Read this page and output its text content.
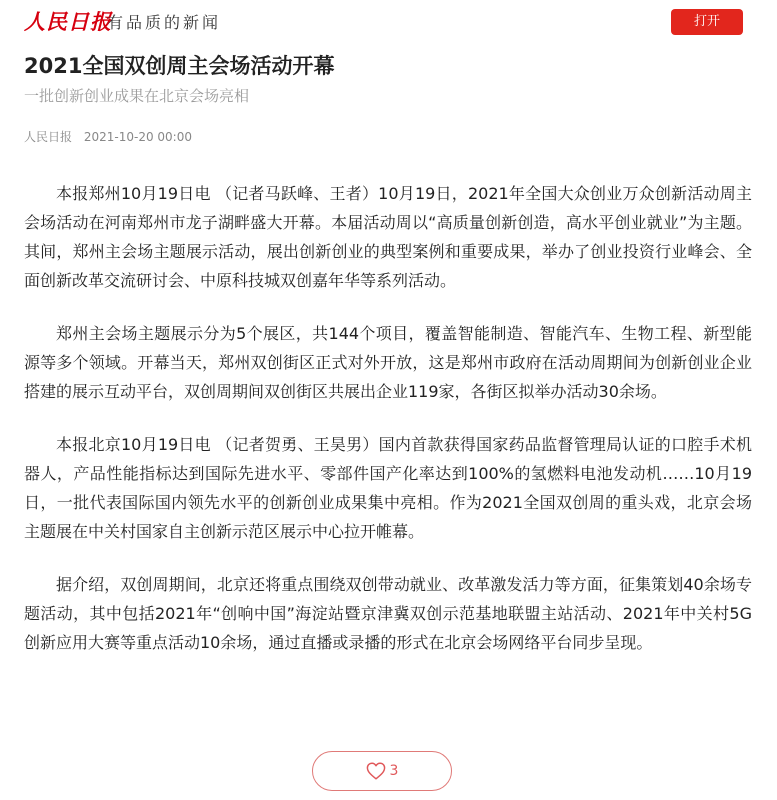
人民日报
有品质的新闻	打开
2021全国双创周主会场活动开幕
一批创新创业成果在北京会场亮相
人民日报 2021-10-20 00:00

本报郑州10月19日电 （记者马跃峰、王者）10月19日，2021年全国大众创业万众创新活动周主会场活动在河南郑州市龙子湖畔盛大开幕。本届活动周以“高质量创新创造，高水平创业就业”为主题。其间，郑州主会场主题展示活动，展出创新创业的典型案例和重要成果，举办了创业投资行业峰会、全面创新改革交流研讨会、中原科技城双创嘉年华等系列活动。

郑州主会场主题展示分为5个展区，共144个项目，覆盖智能制造、智能汽车、生物工程、新型能源等多个领域。开幕当天，郑州双创街区正式对外开放，这是郑州市政府在活动周期间为创新创业企业搭建的展示互动平台，双创周期间双创街区共展出企业119家，各街区拟举办活动30余场。

本报北京10月19日电 （记者贺勇、王昊男）国内首款获得国家药品监督管理局认证的口腔手术机器人，产品性能指标达到国际先进水平、零部件国产化率达到100%的氢燃料电池发动机……10月19日，一批代表国际国内领先水平的创新创业成果集中亮相。作为2021全国双创周的重头戏，北京会场主题展在中关村国家自主创新示范区展示中心拉开帷幕。

据介绍，双创周期间，北京还将重点围绕双创带动就业、改革激发活力等方面，征集策划40余场专题活动，其中包括2021年“创响中国”海淀站暨京津冀双创示范基地联盟主站活动、2021年中关村5G创新应用大赛等重点活动10余场，通过直播或录播的形式在北京会场网络平台同步呈现。

3
